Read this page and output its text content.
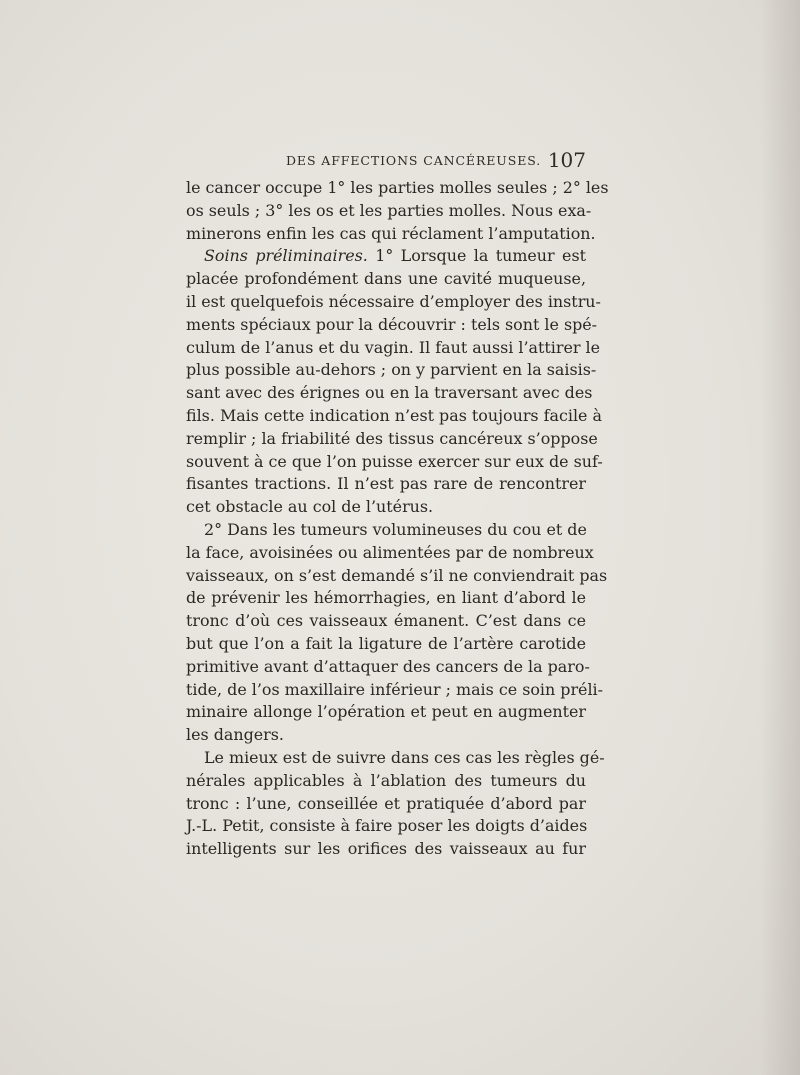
DES AFFECTIONS CANCÉREUSES. 107
le cancer occupe 1° les parties molles seules ; 2° les
os seuls ; 3° les os et les parties molles. Nous exa-
minerons enfin les cas qui réclament l’amputation.
Soins préliminaires. 1° Lorsque la tumeur est
placée profondément dans une cavité muqueuse,
il est quelquefois nécessaire d’employer des instru-
ments spéciaux pour la découvrir : tels sont le spé-
culum de l’anus et du vagin. Il faut aussi l’attirer le
plus possible au-dehors ; on y parvient en la saisis-
sant avec des érignes ou en la traversant avec des
fils. Mais cette indication n’est pas toujours facile à
remplir ; la friabilité des tissus cancéreux s’oppose
souvent à ce que l’on puisse exercer sur eux de suf-
fisantes tractions. Il n’est pas rare de rencontrer
cet obstacle au col de l’utérus.
2° Dans les tumeurs volumineuses du cou et de
la face, avoisinées ou alimentées par de nombreux
vaisseaux, on s’est demandé s’il ne conviendrait pas
de prévenir les hémorrhagies, en liant d’abord le
tronc d’où ces vaisseaux émanent. C’est dans ce
but que l’on a fait la ligature de l’artère carotide
primitive avant d’attaquer des cancers de la paro-
tide, de l’os maxillaire inférieur ; mais ce soin préli-
minaire allonge l’opération et peut en augmenter
les dangers.
Le mieux est de suivre dans ces cas les règles gé-
nérales applicables à l’ablation des tumeurs du
tronc : l’une, conseillée et pratiquée d’abord par
J.-L. Petit, consiste à faire poser les doigts d’aides
intelligents sur les orifices des vaisseaux au fur
